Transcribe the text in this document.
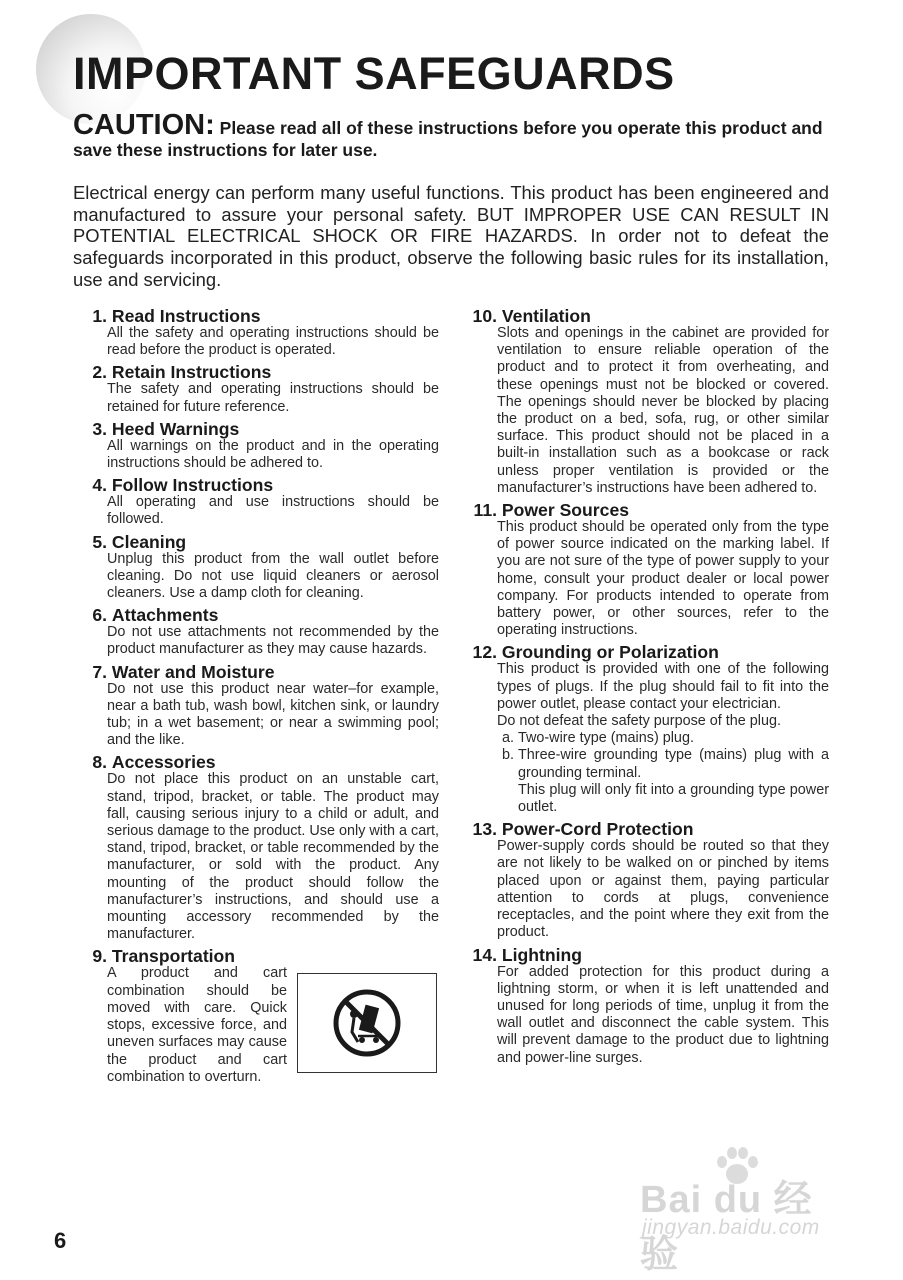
IMPORTANT SAFEGUARDS

CAUTION: Please read all of these instructions before you operate this product and save these instructions for later use.

Electrical energy can perform many useful functions. This product has been engineered and manufactured to assure your personal safety. BUT IMPROPER USE CAN RESULT IN POTENTIAL ELECTRICAL SHOCK OR FIRE HAZARDS. In order not to defeat the safeguards incorporated in this product, observe the following basic rules for its installation, use and servicing.

1.
Read Instructions
All the safety and operating instructions should be read before the product is operated.
2.
Retain Instructions
The safety and operating instructions should be retained for future reference.
3.
Heed Warnings
All warnings on the product and in the operating instructions should be adhered to.
4.
Follow Instructions
All operating and use instructions should be followed.
5.
Cleaning
Unplug this product from the wall outlet before cleaning. Do not use liquid cleaners or aerosol cleaners. Use a damp cloth for cleaning.
6.
Attachments
Do not use attachments not recommended by the product manufacturer as they may cause hazards.
7.
Water and Moisture
Do not use this product near water–for example, near a bath tub, wash bowl, kitchen sink, or laundry tub; in a wet basement; or near a swimming pool; and the like.
8.
Accessories
Do not place this product on an unstable cart, stand, tripod, bracket, or table. The product may fall, causing serious injury to a child or adult, and serious damage to the product. Use only with a cart, stand, tripod, bracket, or table recommended by the manufacturer, or sold with the product. Any mounting of the product should follow the manufacturer’s instructions, and should use a mounting accessory recommended by the manufacturer.
9.
Transportation
A product and cart combination should be moved with care. Quick stops, excessive force, and uneven surfaces may cause the product and cart combination to overturn.
10.
Ventilation
Slots and openings in the cabinet are provided for ventilation to ensure reliable operation of the product and to protect it from overheating, and these openings must not be blocked or covered. The openings should never be blocked by placing the product on a bed, sofa, rug, or other similar surface. This product should not be placed in a built-in installation such as a bookcase or rack unless proper ventilation is provided or the manufacturer’s instructions have been adhered to.
11.
Power Sources
This product should be operated only from the type of power source indicated on the marking label. If you are not sure of the type of power supply to your home, consult your product dealer or local power company. For products intended to operate from battery power, or other sources, refer to the operating instructions.
12.
Grounding or Polarization
This product is provided with one of the following types of plugs. If the plug should fail to fit into the power outlet, please contact your electrician.
Do not defeat the safety purpose of the plug.
a. Two-wire type (mains) plug.
b. Three-wire grounding type (mains) plug with a grounding terminal.
This plug will only fit into a grounding type power outlet.
13.
Power-Cord Protection
Power-supply cords should be routed so that they are not likely to be walked on or pinched by items placed upon or against them, paying particular attention to cords at plugs, convenience receptacles, and the point where they exit from the product.
14.
Lightning
For added protection for this product during a lightning storm, or when it is left unattended and unused for long periods of time, unplug it from the wall outlet and disconnect the cable system. This will prevent damage to the product due to lightning and power-line surges.
Bai du 经验
jingyan.baidu.com

6
